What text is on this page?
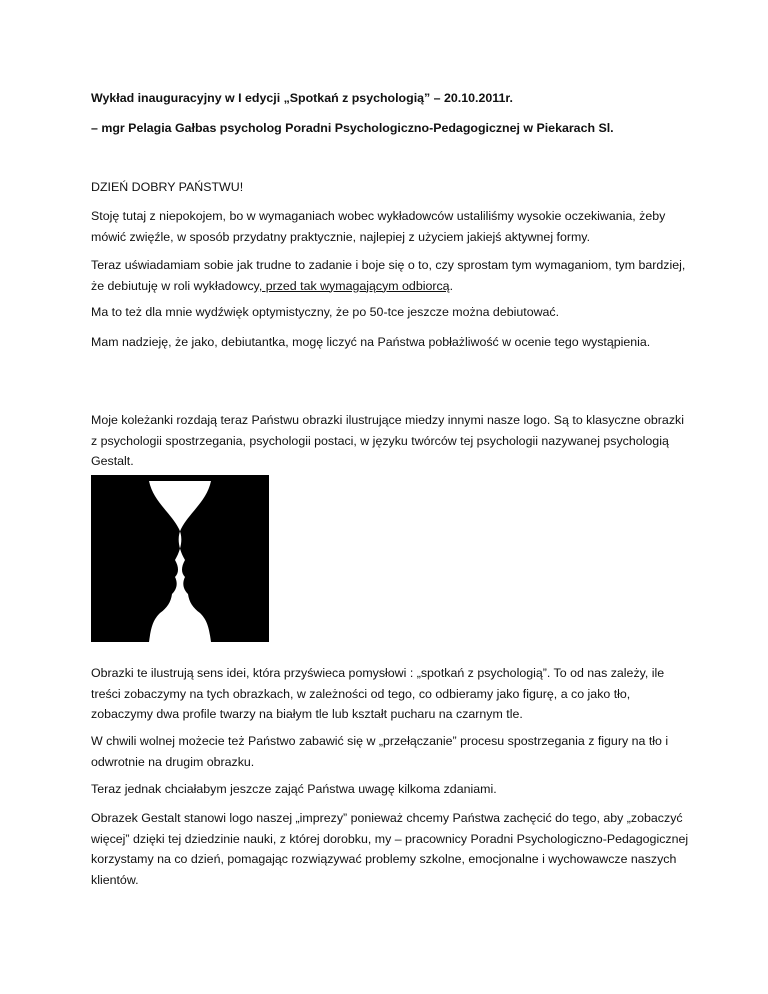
Wykład inauguracyjny w I edycji „Spotkań z psychologią” – 20.10.2011r.

– mgr Pelagia Gałbas psycholog Poradni Psychologiczno-Pedagogicznej w Piekarach Sl.

DZIEŃ DOBRY PAŃSTWU!

Stoję tutaj z niepokojem, bo w wymaganiach wobec wykładowców ustaliliśmy wysokie oczekiwania, żeby mówić zwięźle, w sposób przydatny praktycznie, najlepiej z użyciem jakiejś aktywnej formy.

Teraz uświadamiam sobie jak trudne to zadanie i boje się o to, czy sprostam tym wymaganiom, tym bardziej, że debiutuję w roli wykładowcy, przed tak wymagającym odbiorcą.

Ma to też dla mnie wydźwięk optymistyczny, że po 50-tce jeszcze można debiutować.

Mam nadzieję, że jako, debiutantka, mogę liczyć na Państwa pobłażliwość w ocenie tego wystąpienia.

Moje koleżanki rozdają teraz Państwu obrazki ilustrujące miedzy innymi nasze logo. Są to klasyczne obrazki z psychologii spostrzegania, psychologii postaci, w języku twórców tej psychologii nazywanej psychologią Gestalt.

Obrazki te ilustrują sens idei, która przyświeca pomysłowi : „spotkań z psychologią”. To od nas zależy, ile treści zobaczymy na tych obrazkach, w zależności od tego, co odbieramy jako figurę, a co jako tło, zobaczymy dwa profile twarzy na białym tle lub kształt pucharu na czarnym tle.

W chwili wolnej możecie też Państwo zabawić się w „przełączanie” procesu spostrzegania z figury na tło i odwrotnie na drugim obrazku.

Teraz jednak chciałabym jeszcze zająć Państwa uwagę kilkoma zdaniami.

Obrazek Gestalt stanowi logo naszej „imprezy” ponieważ chcemy Państwa zachęcić do tego, aby „zobaczyć więcej” dzięki tej dziedzinie nauki, z której dorobku, my – pracownicy Poradni Psychologiczno-Pedagogicznej korzystamy na co dzień, pomagając rozwiązywać problemy szkolne, emocjonalne i wychowawcze naszych klientów.
